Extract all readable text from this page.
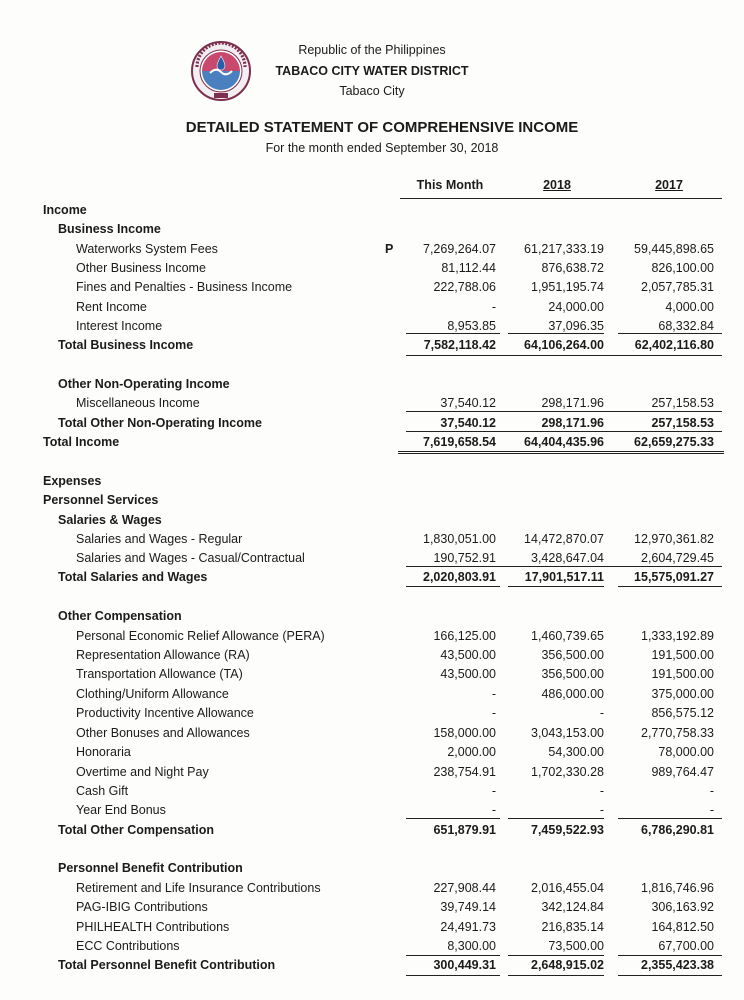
Republic of the Philippines
TABACO CITY WATER DISTRICT
Tabaco City
DETAILED STATEMENT OF COMPREHENSIVE INCOME
For the month ended September 30, 2018
This Month	2018	2017
Income
Business Income
Waterworks System Fees	P	7,269,264.07	61,217,333.19	59,445,898.65
Other Business Income	81,112.44	876,638.72	826,100.00
Fines and Penalties - Business Income	222,788.06	1,951,195.74	2,057,785.31
Rent Income	-	24,000.00	4,000.00
Interest Income	8,953.85	37,096.35	68,332.84
Total Business Income	7,582,118.42	64,106,264.00	62,402,116.80
Other Non-Operating Income
Miscellaneous Income	37,540.12	298,171.96	257,158.53
Total Other Non-Operating Income	37,540.12	298,171.96	257,158.53
Total Income	7,619,658.54	64,404,435.96	62,659,275.33
Expenses
Personnel Services
Salaries & Wages
Salaries and Wages - Regular	1,830,051.00	14,472,870.07	12,970,361.82
Salaries and Wages - Casual/Contractual	190,752.91	3,428,647.04	2,604,729.45
Total Salaries and Wages	2,020,803.91	17,901,517.11	15,575,091.27
Other Compensation
Personal Economic Relief Allowance (PERA)	166,125.00	1,460,739.65	1,333,192.89
Representation Allowance (RA)	43,500.00	356,500.00	191,500.00
Transportation Allowance (TA)	43,500.00	356,500.00	191,500.00
Clothing/Uniform Allowance	-	486,000.00	375,000.00
Productivity Incentive Allowance	-	-	856,575.12
Other Bonuses and Allowances	158,000.00	3,043,153.00	2,770,758.33
Honoraria	2,000.00	54,300.00	78,000.00
Overtime and Night Pay	238,754.91	1,702,330.28	989,764.47
Cash Gift	-	-	-
Year End Bonus	-	-	-
Total Other Compensation	651,879.91	7,459,522.93	6,786,290.81
Personnel Benefit Contribution
Retirement and Life Insurance Contributions	227,908.44	2,016,455.04	1,816,746.96
PAG-IBIG Contributions	39,749.14	342,124.84	306,163.92
PHILHEALTH Contributions	24,491.73	216,835.14	164,812.50
ECC Contributions	8,300.00	73,500.00	67,700.00
Total Personnel Benefit Contribution	300,449.31	2,648,915.02	2,355,423.38
